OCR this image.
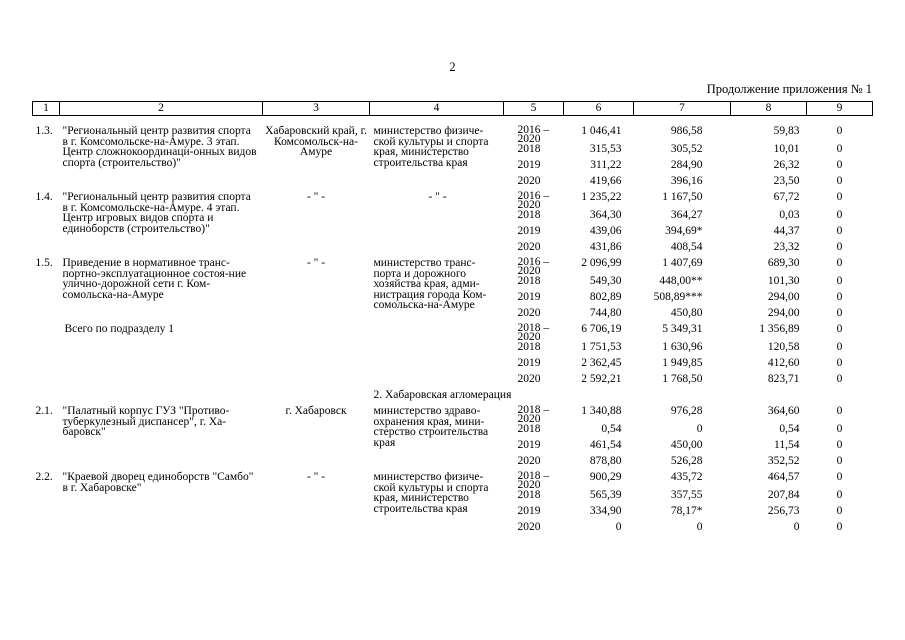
2
Продолжение приложения № 1
1	2	3	4	5	6	7	8	9

1.3.	"Региональный центр развития спорта в г. Комсомольске-на-Амуре. 3 этап. Центр сложнокоординаци-онных видов спорта (строительство)"	Хабаровский край, г. Комсомольск-на-Амуре	министерство физиче-ской культуры и спорта края, министерство строительства края	2016 – 2020	1 046,41	986,58	59,83	0
				2018	315,53	305,52	10,01	0
				2019	311,22	284,90	26,32	0
				2020	419,66	396,16	23,50	0
1.4.	"Региональный центр развития спорта в г. Комсомольске-на-Амуре. 4 этап. Центр игровых видов спорта и единоборств (строительство)"	- " -	- " -	2016 – 2020	1 235,22	1 167,50	67,72	0
				2018	364,30	364,27	0,03	0
				2019	439,06	394,69*	44,37	0
				2020	431,86	408,54	23,32	0
1.5.	Приведение в нормативное транс-портно-эксплуатационное состоя-ние улично-дорожной сети г. Ком-сомольска-на-Амуре	- " -	министерство транс-порта и дорожного хозяйства края, адми-нистрация города Ком-сомольска-на-Амуре	2016 – 2020	2 096,99	1 407,69	689,30	0
				2018	549,30	448,00**	101,30	0
				2019	802,89	508,89***	294,00	0
				2020	744,80	450,80	294,00	0
	Всего по подразделу 1			2018 – 2020	6 706,19	5 349,31	1 356,89	0
				2018	1 751,53	1 630,96	120,58	0
				2019	2 362,45	1 949,85	412,60	0
				2020	2 592,21	1 768,50	823,71	0
			2. Хабаровская агломерация					
2.1.	"Палатный корпус ГУЗ "Противо-туберкулезный диспансер", г. Ха-баровск"	г. Хабаровск	министерство здраво-охранения края, мини-стерство строительства края	2018 – 2020	1 340,88	976,28	364,60	0
				2018	0,54	0	0,54	0
				2019	461,54	450,00	11,54	0
				2020	878,80	526,28	352,52	0
2.2.	"Краевой дворец единоборств "Самбо" в г. Хабаровске"	- " -	министерство физиче-ской культуры и спорта края, министерство строительства края	2018 – 2020	900,29	435,72	464,57	0
				2018	565,39	357,55	207,84	0
				2019	334,90	78,17*	256,73	0
				2020	0	0	0	0
